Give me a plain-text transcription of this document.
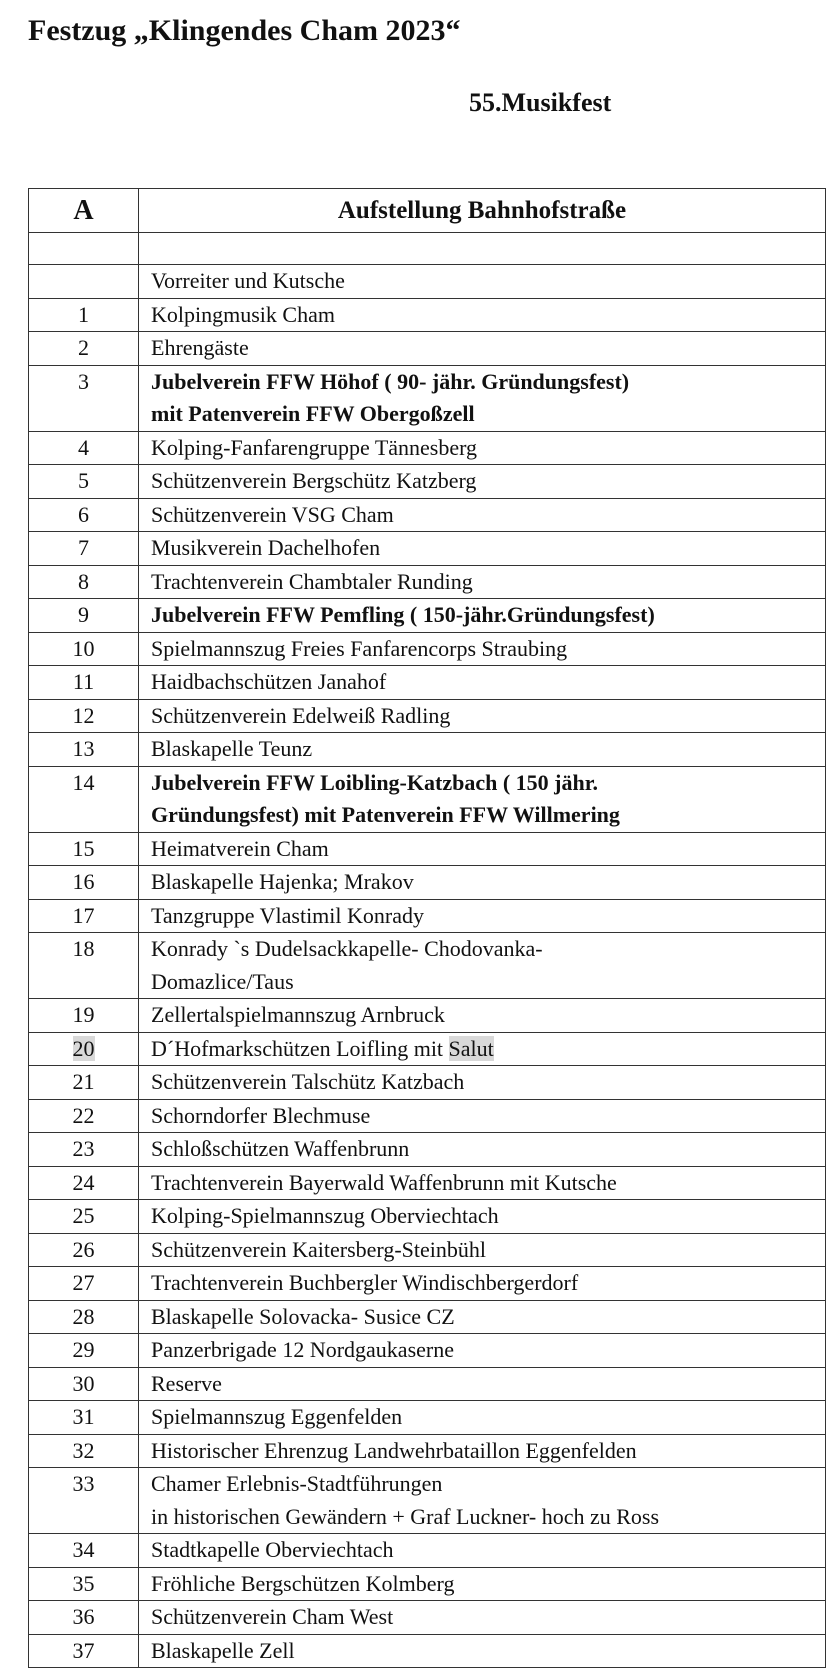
Festzug „Klingendes Cham 2023“
55.Musikfest
A	Aufstellung Bahnhofstraße

	Vorreiter und Kutsche

1	Kolpingmusik Cham

2	Ehrengäste

3	Jubelverein FFW Höhof ( 90- jähr. Gründungsfest)
mit Patenverein FFW Obergoßzell

4	Kolping-Fanfarengruppe Tännesberg

5	Schützenverein Bergschütz Katzberg

6	Schützenverein VSG Cham

7	Musikverein Dachelhofen

8	Trachtenverein Chambtaler Runding

9	Jubelverein FFW Pemfling ( 150-jähr.Gründungsfest)

10	Spielmannszug Freies Fanfarencorps Straubing

11	Haidbachschützen Janahof

12	Schützenverein Edelweiß Radling

13	Blaskapelle Teunz

14	Jubelverein FFW Loibling-Katzbach ( 150 jähr.
Gründungsfest) mit Patenverein FFW Willmering

15	Heimatverein Cham

16	Blaskapelle Hajenka; Mrakov

17	Tanzgruppe Vlastimil Konrady

18	Konrady `s Dudelsackkapelle- Chodovanka-
Domazlice/Taus

19	Zellertalspielmannszug Arnbruck

20	D´Hofmarkschützen Loifling mit Salut

21	Schützenverein Talschütz Katzbach

22	Schorndorfer Blechmuse

23	Schloßschützen Waffenbrunn

24	Trachtenverein Bayerwald Waffenbrunn mit Kutsche

25	Kolping-Spielmannszug Oberviechtach

26	Schützenverein Kaitersberg-Steinbühl

27	Trachtenverein Buchbergler Windischbergerdorf

28	Blaskapelle Solovacka- Susice CZ

29	Panzerbrigade 12 Nordgaukaserne

30	Reserve

31	Spielmannszug Eggenfelden

32	Historischer Ehrenzug Landwehrbataillon Eggenfelden

33	Chamer Erlebnis-Stadtführungen
in historischen Gewändern + Graf Luckner- hoch zu Ross

34	Stadtkapelle Oberviechtach

35	Fröhliche Bergschützen Kolmberg

36	Schützenverein Cham West

37	Blaskapelle Zell
